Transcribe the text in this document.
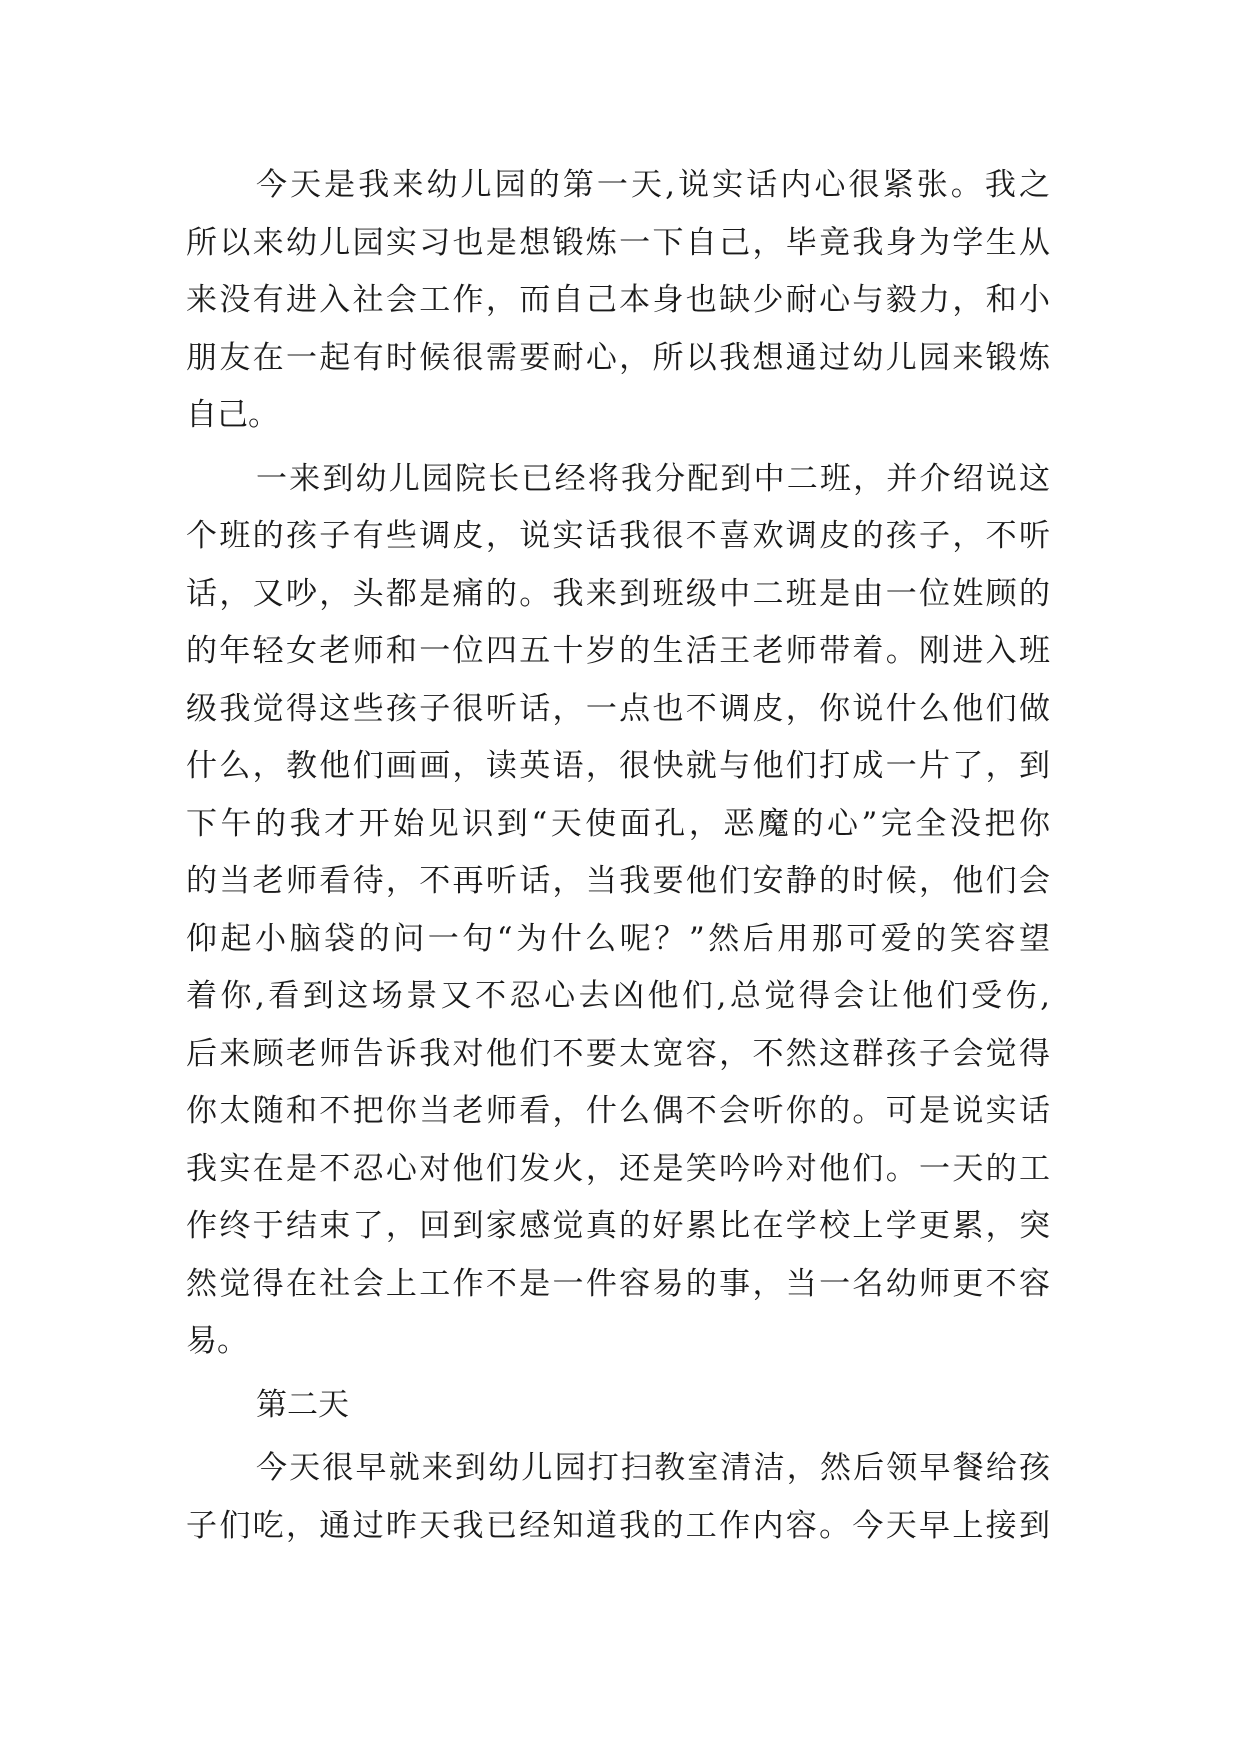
今天是我来幼儿园的第一天,说实话内心很紧张。我之
所以来幼儿园实习也是想锻炼一下自己，毕竟我身为学生从
来没有进入社会工作，而自己本身也缺少耐心与毅力，和小
朋友在一起有时候很需要耐心，所以我想通过幼儿园来锻炼
自己。
一来到幼儿园院长已经将我分配到中二班，并介绍说这
个班的孩子有些调皮，说实话我很不喜欢调皮的孩子，不听
话，又吵，头都是痛的。我来到班级中二班是由一位姓顾的
的年轻女老师和一位四五十岁的生活王老师带着。刚进入班
级我觉得这些孩子很听话，一点也不调皮，你说什么他们做
什么，教他们画画，读英语，很快就与他们打成一片了，到
下午的我才开始见识到“天使面孔，恶魔的心”完全没把你
的当老师看待，不再听话，当我要他们安静的时候，他们会
仰起小脑袋的问一句“为什么呢？”然后用那可爱的笑容望
着你,看到这场景又不忍心去凶他们,总觉得会让他们受伤,
后来顾老师告诉我对他们不要太宽容，不然这群孩子会觉得
你太随和不把你当老师看，什么偶不会听你的。可是说实话
我实在是不忍心对他们发火，还是笑吟吟对他们。一天的工
作终于结束了，回到家感觉真的好累比在学校上学更累，突
然觉得在社会上工作不是一件容易的事，当一名幼师更不容
易。
第二天
今天很早就来到幼儿园打扫教室清洁，然后领早餐给孩
子们吃，通过昨天我已经知道我的工作内容。今天早上接到
